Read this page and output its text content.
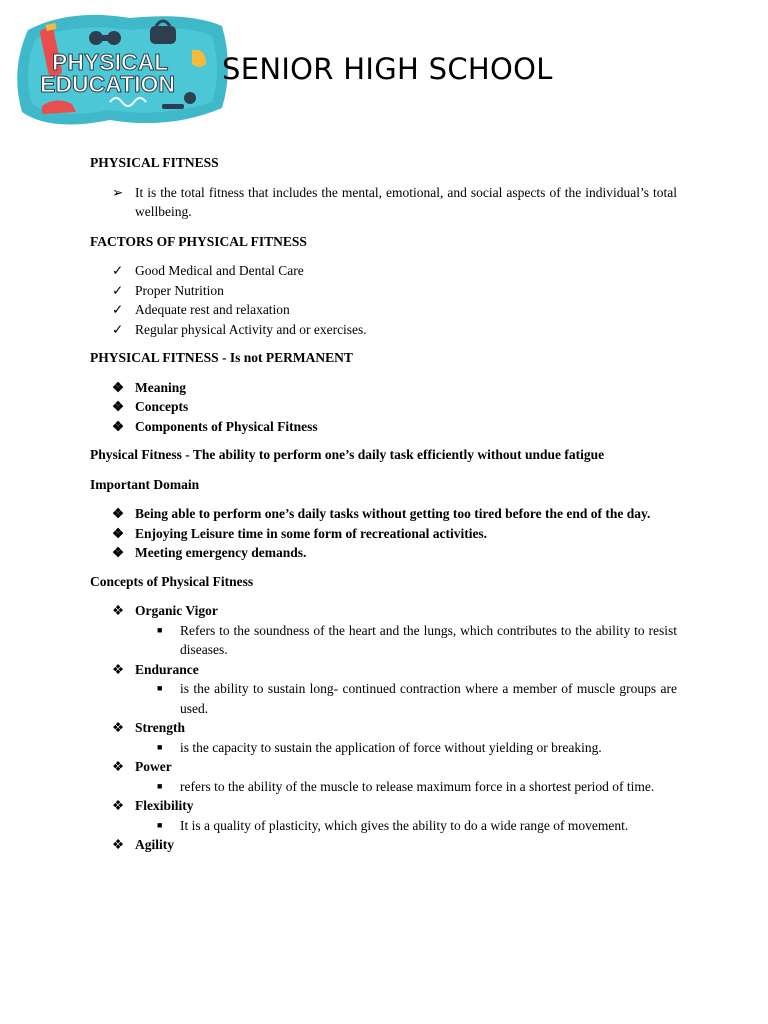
PHYSICAL
EDUCATION SENIOR HIGH SCHOOL

PHYSICAL FITNESS

➢ It is the total fitness that includes the mental, emotional, and social aspects of the individual’s total wellbeing.

FACTORS OF PHYSICAL FITNESS

✓ Good Medical and Dental Care
✓ Proper Nutrition
✓ Adequate rest and relaxation
✓ Regular physical Activity and or exercises.

PHYSICAL FITNESS - Is not PERMANENT

❖ Meaning
❖ Concepts
❖ Components of Physical Fitness

Physical Fitness - The ability to perform one’s daily task efficiently without undue fatigue

Important Domain

❖ Being able to perform one’s daily tasks without getting too tired before the end of the day.
❖ Enjoying Leisure time in some form of recreational activities.
❖ Meeting emergency demands.

Concepts of Physical Fitness

❖ Organic Vigor
■	Refers to the soundness of the heart and the lungs, which contributes to the ability to resist diseases.
❖ Endurance
■	is the ability to sustain long- continued contraction where a member of muscle groups are used.
❖ Strength
■	is the capacity to sustain the application of force without yielding or breaking.
❖ Power
■	refers to the ability of the muscle to release maximum force in a shortest period of time.
❖ Flexibility
■	It is a quality of plasticity, which gives the ability to do a wide range of movement.
❖ Agility
